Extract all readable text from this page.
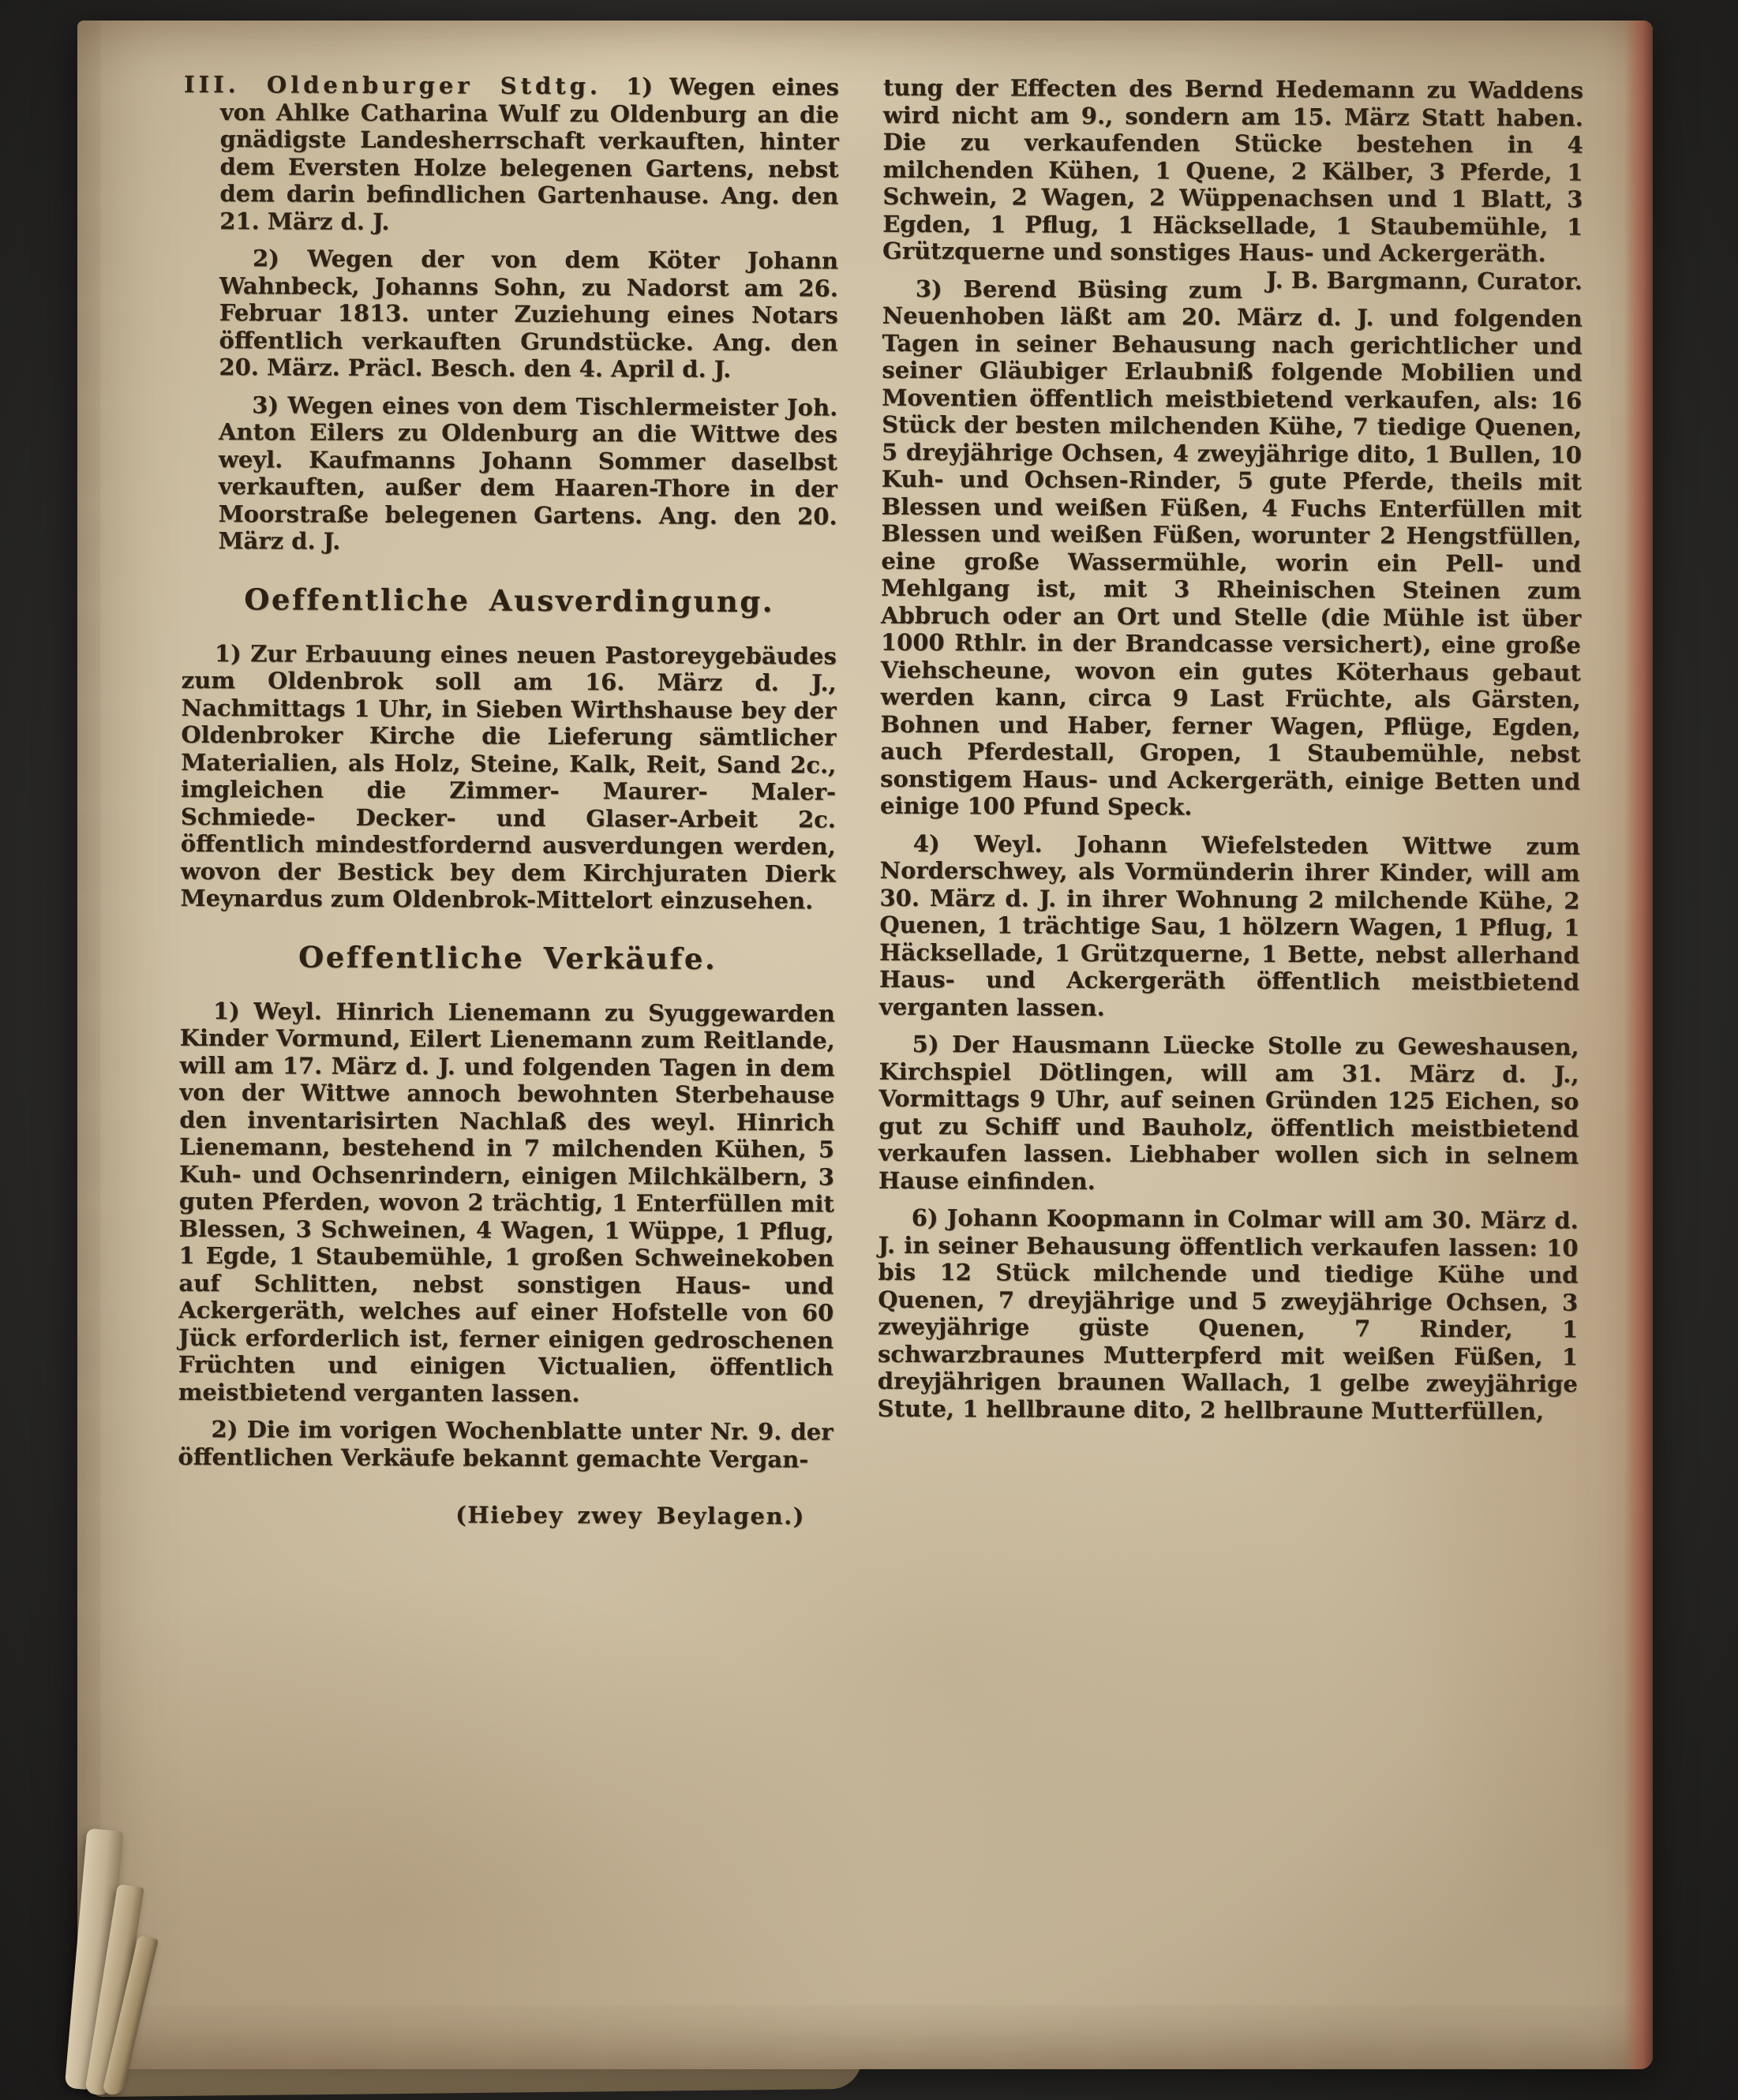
III. Oldenburger Stdtg. 1) Wegen eines von Ahlke Catharina Wulf zu Oldenburg an die gnädigste Landesherrschaft verkauften, hinter dem Eversten Holze belegenen Gartens, nebst dem darin befindlichen Gartenhause. Ang. den 21. März d. J.

2) Wegen der von dem Köter Johann Wahnbeck, Johanns Sohn, zu Nadorst am 26. Februar 1813. unter Zuziehung eines Notars öffentlich verkauften Grundstücke. Ang. den 20. März. Präcl. Besch. den 4. April d. J.

3) Wegen eines von dem Tischlermeister Joh. Anton Eilers zu Oldenburg an die Wittwe des weyl. Kaufmanns Johann Sommer daselbst verkauften, außer dem Haaren-Thore in der Moorstraße belegenen Gartens. Ang. den 20. März d. J.

Oeffentliche Ausverdingung.

1) Zur Erbauung eines neuen Pastoreygebäudes zum Oldenbrok soll am 16. März d. J., Nachmittags 1 Uhr, in Sieben Wirthshause bey der Oldenbroker Kirche die Lieferung sämtlicher Materialien, als Holz, Steine, Kalk, Reit, Sand 2c., imgleichen die Zimmer- Maurer- Maler- Schmiede- Decker- und Glaser-Arbeit 2c. öffentlich mindestfordernd ausverdungen werden, wovon der Bestick bey dem Kirchjuraten Dierk Meynardus zum Oldenbrok-Mittelort einzusehen.

Oeffentliche Verkäufe.

1) Weyl. Hinrich Lienemann zu Syuggewarden Kinder Vormund, Eilert Lienemann zum Reitlande, will am 17. März d. J. und folgenden Tagen in dem von der Wittwe annoch bewohnten Sterbehause den inventarisirten Nachlaß des weyl. Hinrich Lienemann, bestehend in 7 milchenden Kühen, 5 Kuh- und Ochsenrindern, einigen Milchkälbern, 3 guten Pferden, wovon 2 trächtig, 1 Enterfüllen mit Blessen, 3 Schweinen, 4 Wagen, 1 Wüppe, 1 Pflug, 1 Egde, 1 Staubemühle, 1 großen Schweinekoben auf Schlitten, nebst sonstigen Haus- und Ackergeräth, welches auf einer Hofstelle von 60 Jück erforderlich ist, ferner einigen gedroschenen Früchten und einigen Victualien, öffentlich meistbietend verganten lassen.

2) Die im vorigen Wochenblatte unter Nr. 9. der öffentlichen Verkäufe bekannt gemachte Vergan-

tung der Effecten des Bernd Hedemann zu Waddens wird nicht am 9., sondern am 15. März Statt haben. Die zu verkaufenden Stücke bestehen in 4 milchenden Kühen, 1 Quene, 2 Kälber, 3 Pferde, 1 Schwein, 2 Wagen, 2 Wüppenachsen und 1 Blatt, 3 Egden, 1 Pflug, 1 Häcksellade, 1 Staubemühle, 1 Grützquerne und sonstiges Haus- und Ackergeräth.
J. B. Bargmann, Curator.

3) Berend Büsing zum Neuenhoben läßt am 20. März d. J. und folgenden Tagen in seiner Behausung nach gerichtlicher und seiner Gläubiger Erlaubniß folgende Mobilien und Moventien öffentlich meistbietend verkaufen, als: 16 Stück der besten milchenden Kühe, 7 tiedige Quenen, 5 dreyjährige Ochsen, 4 zweyjährige dito, 1 Bullen, 10 Kuh- und Ochsen-Rinder, 5 gute Pferde, theils mit Blessen und weißen Füßen, 4 Fuchs Enterfüllen mit Blessen und weißen Füßen, worunter 2 Hengstfüllen, eine große Wassermühle, worin ein Pell- und Mehlgang ist, mit 3 Rheinischen Steinen zum Abbruch oder an Ort und Stelle (die Mühle ist über 1000 Rthlr. in der Brandcasse versichert), eine große Viehscheune, wovon ein gutes Köterhaus gebaut werden kann, circa 9 Last Früchte, als Gärsten, Bohnen und Haber, ferner Wagen, Pflüge, Egden, auch Pferdestall, Gropen, 1 Staubemühle, nebst sonstigem Haus- und Ackergeräth, einige Betten und einige 100 Pfund Speck.

4) Weyl. Johann Wiefelsteden Wittwe zum Norderschwey, als Vormünderin ihrer Kinder, will am 30. März d. J. in ihrer Wohnung 2 milchende Kühe, 2 Quenen, 1 trächtige Sau, 1 hölzern Wagen, 1 Pflug, 1 Häcksellade, 1 Grützquerne, 1 Bette, nebst allerhand Haus- und Ackergeräth öffentlich meistbietend verganten lassen.

5) Der Hausmann Lüecke Stolle zu Geweshausen, Kirchspiel Dötlingen, will am 31. März d. J., Vormittags 9 Uhr, auf seinen Gründen 125 Eichen, so gut zu Schiff und Bauholz, öffentlich meistbietend verkaufen lassen. Liebhaber wollen sich in selnem Hause einfinden.

6) Johann Koopmann in Colmar will am 30. März d. J. in seiner Behausung öffentlich verkaufen lassen: 10 bis 12 Stück milchende und tiedige Kühe und Quenen, 7 dreyjährige und 5 zweyjährige Ochsen, 3 zweyjährige güste Quenen, 7 Rinder, 1 schwarzbraunes Mutterpferd mit weißen Füßen, 1 dreyjährigen braunen Wallach, 1 gelbe zweyjährige Stute, 1 hellbraune dito, 2 hellbraune Mutterfüllen,

(Hiebey zwey Beylagen.)
